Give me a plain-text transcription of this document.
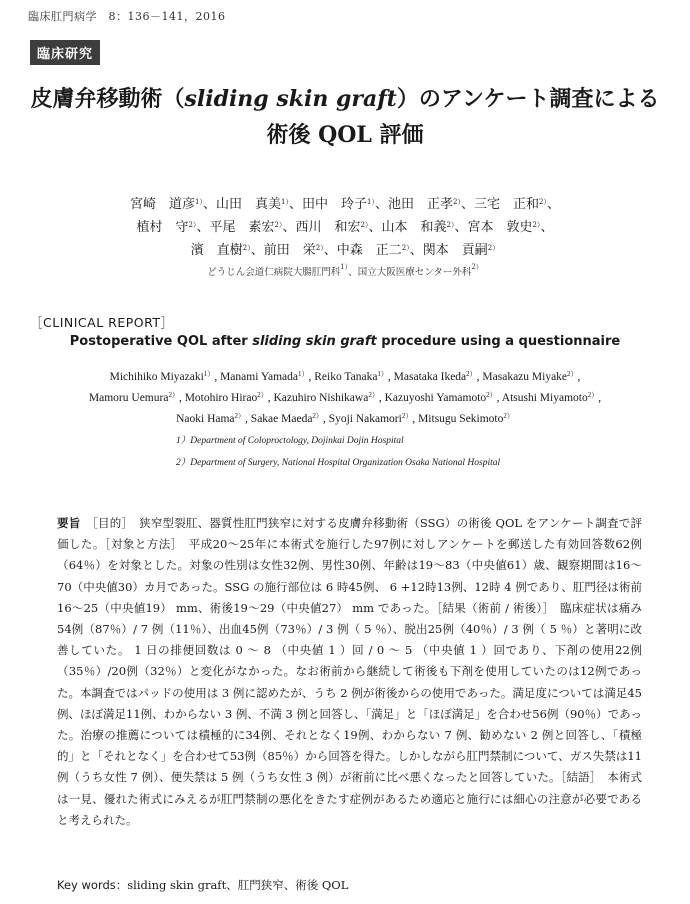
臨床肛門病学　8：136－141，2016
臨床研究
皮膚弁移動術（sliding skin graft）のアンケート調査による
術後 QOL 評価
宮崎　道彦$^{1)}$、山田　真美$^{1)}$、田中　玲子$^{1)}$、池田　正孝$^{2)}$、三宅　正和$^{2)}$、
植村　守$^{2)}$、平尾　素宏$^{2)}$、西川　和宏$^{2)}$、山本　和義$^{2)}$、宮本　敦史$^{2)}$、
濱　直樹$^{2)}$、前田　栄$^{2)}$、中森　正二$^{2)}$、関本　貢嗣$^{2)}$
どうじん会道仁病院大腸肛門科$^{1)}$、国立大阪医療センター外科$^{2)}$
［CLINICAL REPORT］
Postoperative QOL after sliding skin graft procedure using a questionnaire
Michihiko Miyazaki$^{1)}$, Manami Yamada$^{1)}$, Reiko Tanaka$^{1)}$, Masataka Ikeda$^{2)}$, Masakazu Miyake$^{2)}$,
Mamoru Uemura$^{2)}$, Motohiro Hirao$^{2)}$, Kazuhiro Nishikawa$^{2)}$, Kazuyoshi Yamamoto$^{2)}$, Atsushi Miyamoto$^{2)}$,
Naoki Hama$^{2)}$, Sakae Maeda$^{2)}$, Syoji Nakamori$^{2)}$, Mitsugu Sekimoto$^{2)}$
1）Department of Coloproctology, Dojinkai Dojin Hospital
2）Department of Surgery, National Hospital Organization Osaka National Hospital
要旨　 ［目的］　狭窄型裂肛、器質性肛門狭窄に対する皮膚弁移動術（SSG）の術後 QOL をアンケート調査で評価した。［対象と方法］　平成20～25年に本術式を施行した97例に対しアンケートを郵送した有効回答数62例（64％）を対象とした。対象の性別は女性32例、男性30例、年齢は19～83（中央値61）歳、観察期間は16～70（中央値30）カ月であった。SSG の施行部位は 6 時45例、 6 +12時13例、12時 4 例であり、肛門径は術前16～25（中央値19） mm、術後19～29（中央値27） mm であった。［結果（術前 / 術後）］　臨床症状は痛み54例（87％）/ 7 例（11％）、出血45例（73％）/ 3 例（ 5 ％）、脱出25例（40％）/ 3 例（ 5 ％）と著明に改善していた。 1 日の排便回数は 0 ～ 8 （中央値 1 ）回 / 0 ～ 5 （中央値 1 ）回であり、下剤の使用22例（35％）/20例（32％）と変化がなかった。なお術前から継続して術後も下剤を使用していたのは12例であった。本調査ではパッドの使用は 3 例に認めたが、うち 2 例が術後からの使用であった。満足度については満足45例、ほぼ満足11例、わからない 3 例、不満 3 例と回答し、「満足」と「ほぼ満足」を合わせ56例（90％）であった。治療の推薦については積極的に34例、それとなく19例、わからない 7 例、勧めない 2 例と回答し、「積極的」と「それとなく」を合わせて53例（85％）から回答を得た。しかしながら肛門禁制について、ガス失禁は11例（うち女性 7 例）、便失禁は 5 例（うち女性 3 例）が術前に比べ悪くなったと回答していた。［結語］　本術式は一見、優れた術式にみえるが肛門禁制の悪化をきたす症例があるため適応と施行には細心の注意が必要であると考えられた。
Key words：sliding skin graft、肛門狭窄、術後 QOL
